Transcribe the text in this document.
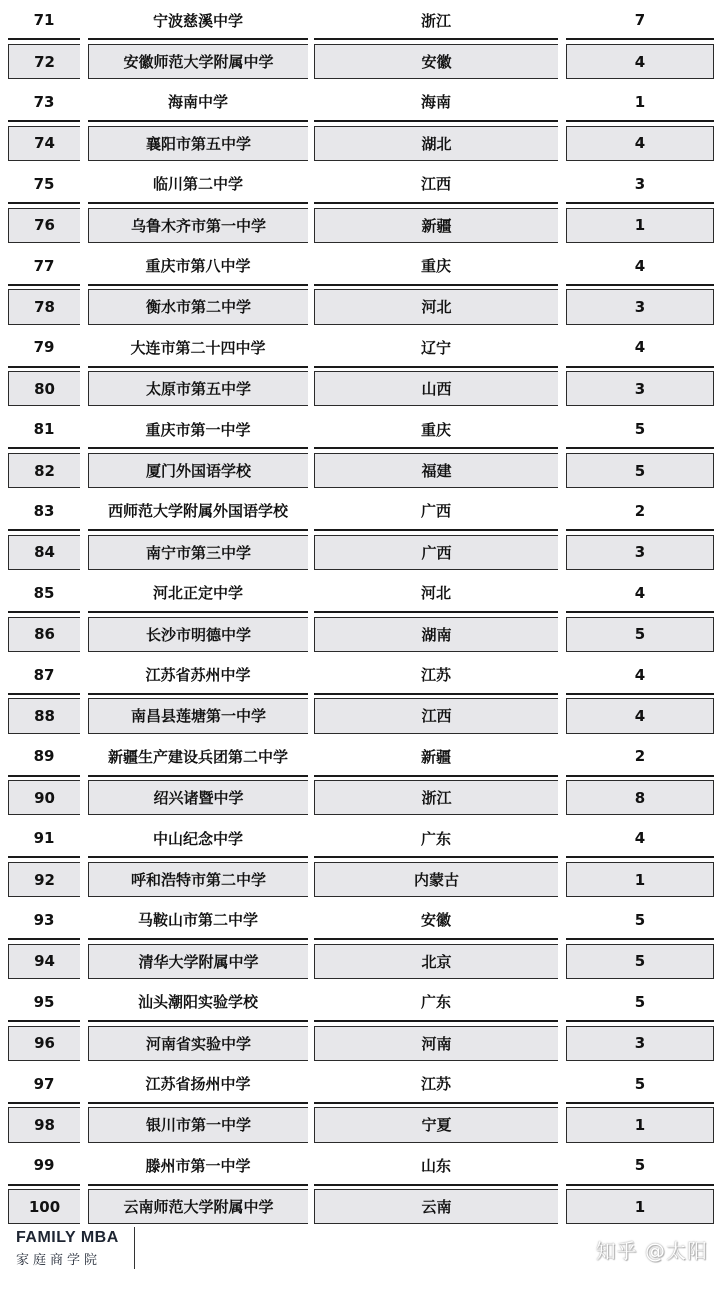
71	宁波慈溪中学	浙江	7
72	安徽师范大学附属中学	安徽	4
73	海南中学	海南	1
74	襄阳市第五中学	湖北	4
75	临川第二中学	江西	3
76	乌鲁木齐市第一中学	新疆	1
77	重庆市第八中学	重庆	4
78	衡水市第二中学	河北	3
79	大连市第二十四中学	辽宁	4
80	太原市第五中学	山西	3
81	重庆市第一中学	重庆	5
82	厦门外国语学校	福建	5
83	西师范大学附属外国语学校	广西	2
84	南宁市第三中学	广西	3
85	河北正定中学	河北	4
86	长沙市明德中学	湖南	5
87	江苏省苏州中学	江苏	4
88	南昌县莲塘第一中学	江西	4
89	新疆生产建设兵团第二中学	新疆	2
90	绍兴诸暨中学	浙江	8
91	中山纪念中学	广东	4
92	呼和浩特市第二中学	内蒙古	1
93	马鞍山市第二中学	安徽	5
94	清华大学附属中学	北京	5
95	汕头潮阳实验学校	广东	5
96	河南省实验中学	河南	3
97	江苏省扬州中学	江苏	5
98	银川市第一中学	宁夏	1
99	滕州市第一中学	山东	5
100	云南师范大学附属中学	云南	1
FAMILY MBA
家庭商学院	知乎 @太阳
